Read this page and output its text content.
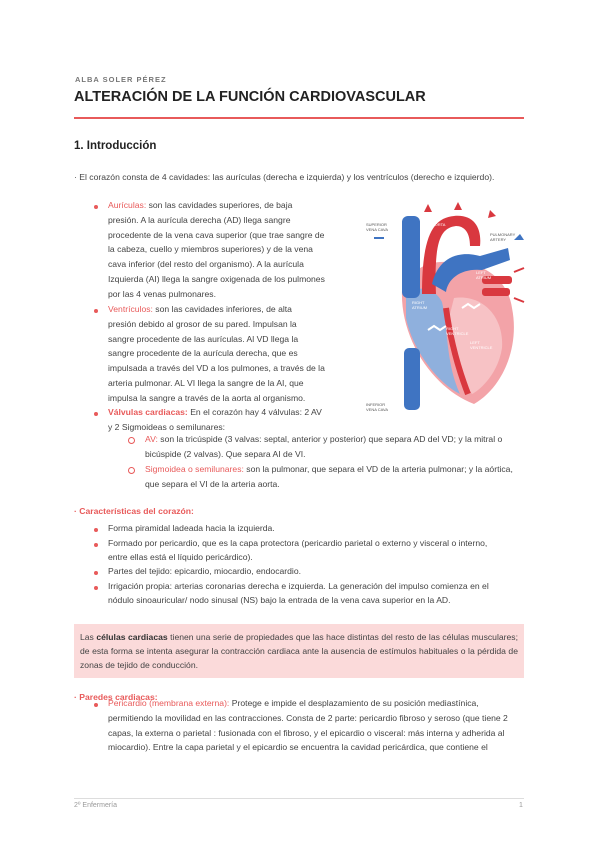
ALBA SOLER PÉREZ
ALTERACIÓN DE LA FUNCIÓN CARDIOVASCULAR
1. Introducción
· El corazón consta de 4 cavidades: las aurículas (derecha e izquierda) y los ventrículos (derecho e izquierdo).
Aurículas: son las cavidades superiores, de baja
presión. A la aurícula derecha (AD) llega sangre
procedente de la vena cava superior (que trae sangre de
la cabeza, cuello y miembros superiores) y de la vena
cava inferior (del resto del organismo). A la aurícula
Izquierda (AI) llega la sangre oxigenada de los pulmones
por las 4 venas pulmonares.
Ventrículos: son las cavidades inferiores, de alta
presión debido al grosor de su pared. Impulsan la
sangre procedente de las aurículas. Al VD llega la
sangre procedente de la aurícula derecha, que es
impulsada a través del VD a los pulmones, a través de la
arteria pulmonar. AL VI llega la sangre de la AI, que
impulsa la sangre a través de la aorta al organismo.
Válvulas cardiacas: En el corazón hay 4 válvulas: 2 AV
y 2 Sigmoideas o semilunares:
AV: son la tricúspide (3 valvas: septal, anterior y posterior) que separa AD del VD; y la mitral o
bicúspide (2 valvas). Que separa AI de VI.
Sigmoidea o semilunares: son la pulmonar, que separa el VD de la arteria pulmonar; y la aórtica,
que separa el VI de la arteria aorta.
SUPERIOR VENA CAVA
INFERIOR VENA CAVA
LEFT ATRIUM
LEFT VENTRICLE
RIGHT ATRIUM
RIGHT VENTRICLE
AORTA
PULMONARY ARTERY
· Características del corazón:
Forma piramidal ladeada hacia la izquierda.
Formado por pericardio, que es la capa protectora (pericardio parietal o externo y visceral o interno,
entre ellas está el líquido pericárdico).
Partes del tejido: epicardio, miocardio, endocardio.
Irrigación propia: arterias coronarias derecha e izquierda. La generación del impulso comienza en el
nódulo sinoauricular/ nodo sinusal (NS) bajo la entrada de la vena cava superior en la AD.

Las células cardiacas tienen una serie de propiedades que las hace distintas del resto de las células musculares; de esta forma se intenta asegurar la contracción cardiaca ante la ausencia de estímulos habituales o la pérdida de zonas de tejido de conducción.

· Paredes cardiacas:
Pericardio (membrana externa): Protege e impide el desplazamiento de su posición mediastínica,
permitiendo la movilidad en las contracciones. Consta de 2 parte: pericardio fibroso y seroso (que tiene 2
capas, la externa o parietal : fusionada con el fibroso, y el epicardio o visceral: más interna y adherida al
miocardio). Entre la capa parietal y el epicardio se encuentra la cavidad pericárdica, que contiene el
2º Enfermería	1
